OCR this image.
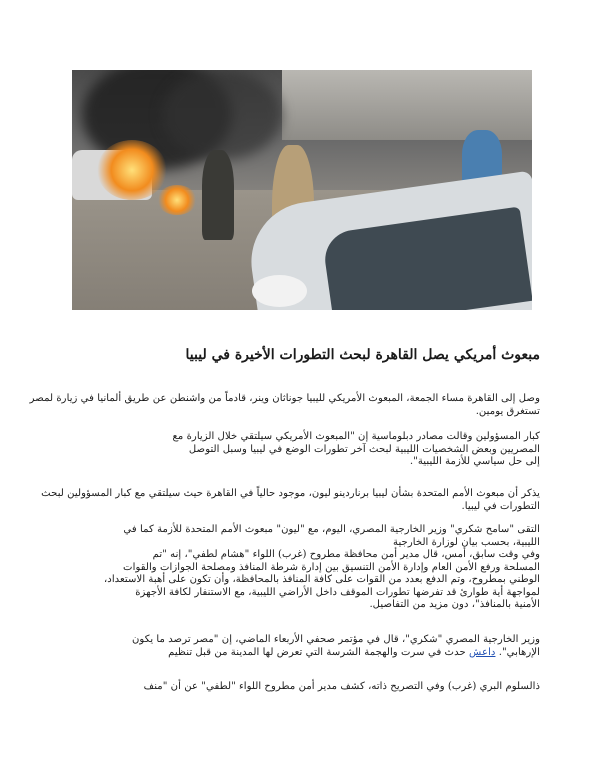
مبعوث أمريكي يصل القاهرة لبحث التطورات الأخيرة في ليبيا
وصل إلى القاهرة مساء الجمعة، المبعوث الأمريكي لليبيا جوناثان وينر، قادماً من واشنطن عن طريق ألمانيا في زيارة لمصر
تستغرق يومين.
كبار المسؤولين وقالت مصادر دبلوماسية إن "المبعوث الأمريكي سيلتقي خلال الزيارة مع
المصريين وبعض الشخصيات الليبية لبحث آخر تطورات الوضع في ليبيا وسبل التوصل
إلى حل سياسي للأزمة الليبية".
يذكر أن مبعوث الأمم المتحدة بشأن ليبيا برناردينو ليون، موجود حالياً في القاهرة حيث سيلتقي مع كبار المسؤولين لبحث
التطورات في ليبيا.
التقى "سامح شكري" وزير الخارجية المصري، اليوم، مع "ليون" مبعوث الأمم المتحدة للأزمة كما في
الليبية، بحسب بيان لوزارة الخارجية
وفي وقت سابق، أمس، قال مدير أمن محافظة مطروح (غرب) اللواء "هشام لطفي"، إنه "تم
المسلحة ورفع الأمن العام وإدارة الأمن التنسيق بين إدارة شرطة المنافذ ومصلحة الجوازات والقوات
الوطني بمطروح، وتم الدفع بعدد من القوات على كافة المنافذ بالمحافظة، وأن تكون على أهبة الاستعداد،
لمواجهة أية طوارئ قد تفرضها تطورات الموقف داخل الأراضي الليبية، مع الاستنفار لكافة الأجهزة
الأمنية بالمنافذ"، دون مزيد من التفاصيل.
وزير الخارجية المصري "شكري"، قال في مؤتمر صحفي الأربعاء الماضي، إن "مصر ترصد ما يكون
الإرهابي". داعش حدث في سرت والهجمة الشرسة التي تعرض لها المدينة من قبل تنظيم
ذالسلوم البري (غرب) وفي التصريح ذاته، كشف مدير أمن مطروح اللواء "لطفي" عن أن "منف
